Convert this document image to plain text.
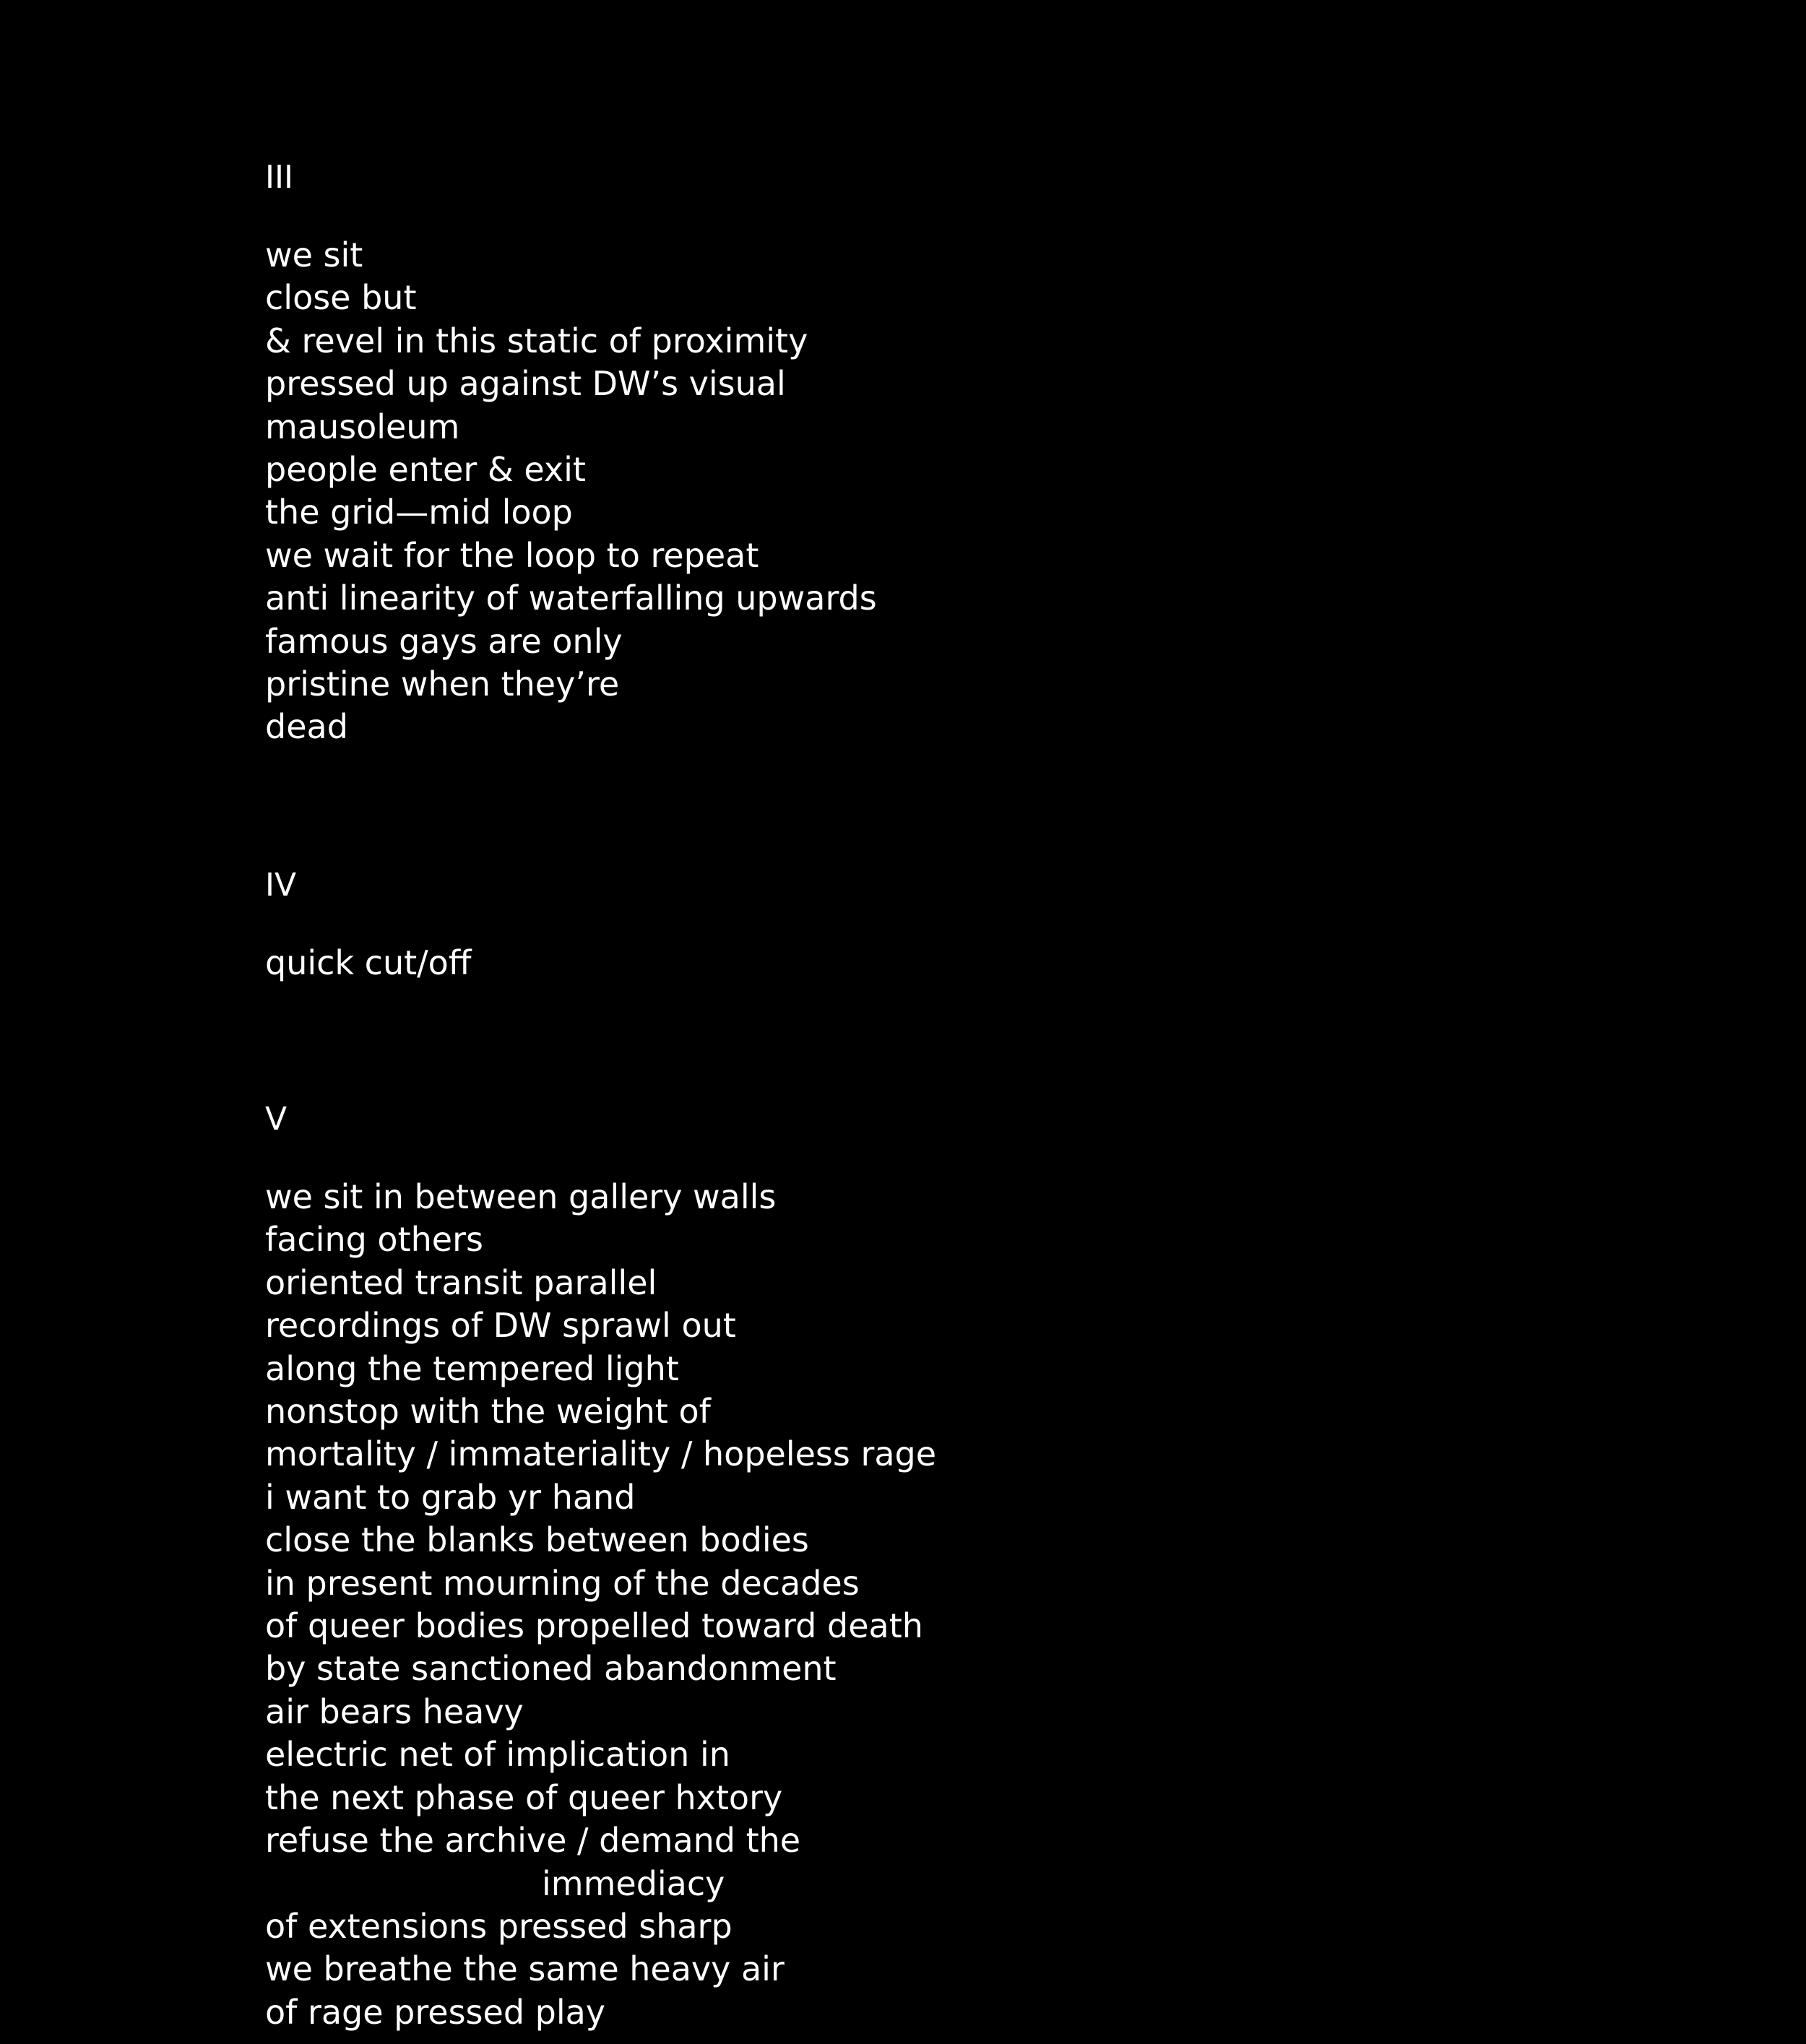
III

we sit

close but

& revel in this static of proximity

pressed up against DW’s visual

mausoleum

people enter & exit

the grid—mid loop

we wait for the loop to repeat

anti linearity of waterfalling upwards

famous gays are only

pristine when they’re

dead

IV

quick cut/off

V

we sit in between gallery walls

facing others

oriented transit parallel

recordings of DW sprawl out

along the tempered light

nonstop with the weight of

mortality / immateriality / hopeless rage

i want to grab yr hand

close the blanks between bodies

in present mourning of the decades

of queer bodies propelled toward death

by state sanctioned abandonment

air bears heavy

electric net of implication in

the next phase of queer hxtory

refuse the archive / demand the

immediacy

of extensions pressed sharp

we breathe the same heavy air

of rage pressed play
